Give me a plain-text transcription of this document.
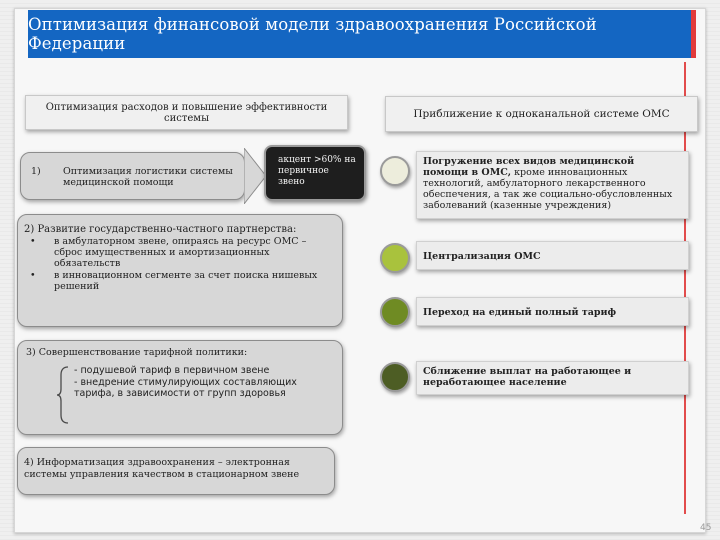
Оптимизация финансовой модели здравоохранения Российской Федерации
Оптимизация расходов и повышение эффективности системы
1) Оптимизация логистики системы медицинской помощи
акцент >60% на первичное звено
2) Развитие государственно-частного партнерства:
• в амбулаторном звене, опираясь на ресурс ОМС – сброс имущественных и амортизационных обязательств
• в инновационном сегменте за счет поиска нишевых решений
3) Совершенствование тарифной политики:
- подушевой тариф в первичном звене
- внедрение стимулирующих составляющих тарифа, в зависимости от групп здоровья
4) Информатизация здравоохранения – электронная системы управления качеством в стационарном звене
Приближение к одноканальной системе ОМС
Погружение всех видов медицинской помощи в ОМС, кроме инновационных технологий, амбулаторного лекарственного обеспечения, а так же социально-обусловленных заболеваний (казенные учреждения)
Централизация ОМС
Переход на единый полный тариф
Сближение выплат на работающее и неработающее население
45
